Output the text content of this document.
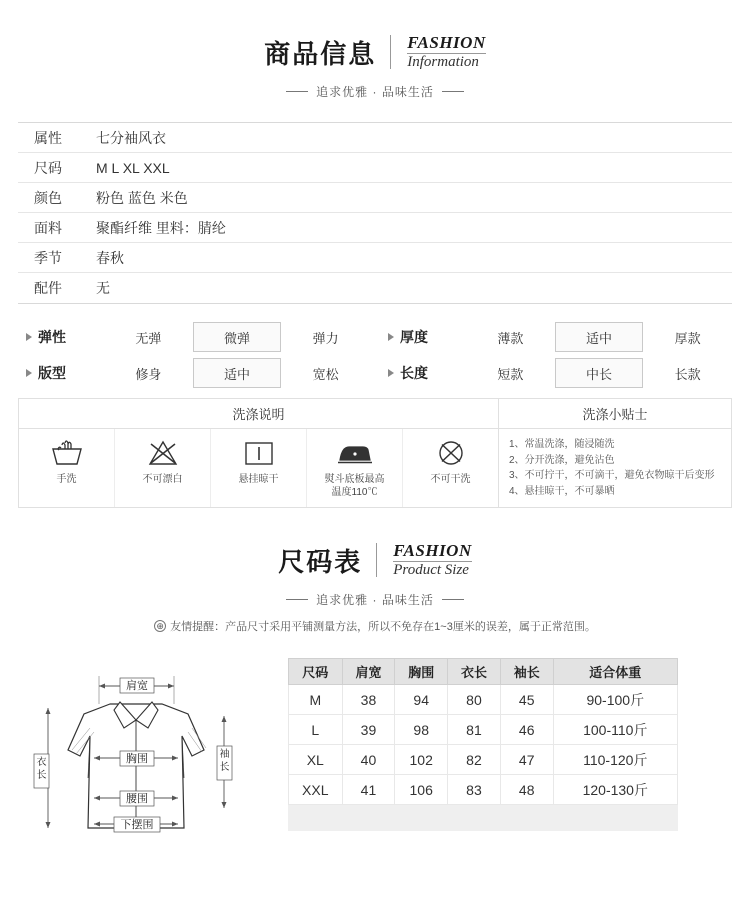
商品信息 FASHION
Information
追求优雅 · 品味生活
属性	七分袖风衣
尺码	M L XL XXL
颜色	粉色 蓝色 米色
面料	聚酯纤维 里料：腈纶
季节	春秋
配件	无
弹性	无弹	微弹	弹力	厚度	薄款	适中	厚款
版型	修身	适中	宽松	长度	短款	中长	长款
洗涤说明	洗涤小贴士
手洗	不可漂白	悬挂晾干	熨斗底板最高
温度110℃
不可干洗
1、常温洗涤，随浸随洗
2、分开洗涤，避免沾色
3、不可拧干，不可滴干，避免衣物晾干后变形
4、悬挂晾干，不可暴晒
尺码表 FASHION
Product Size
追求优雅 · 品味生活
⊕ 友情提醒：产品尺寸采用平铺测量方法，所以不免存在1~3厘米的误差，属于正常范围。
肩宽
胸围
腰围
下摆围
衣
长
袖
长
尺码	肩宽	胸围	衣长	袖长	适合体重
M	38	94	80	45	90-100斤
L	39	98	81	46	100-110斤
XL	40	102	82	47	110-120斤
XXL	41	106	83	48	120-130斤
